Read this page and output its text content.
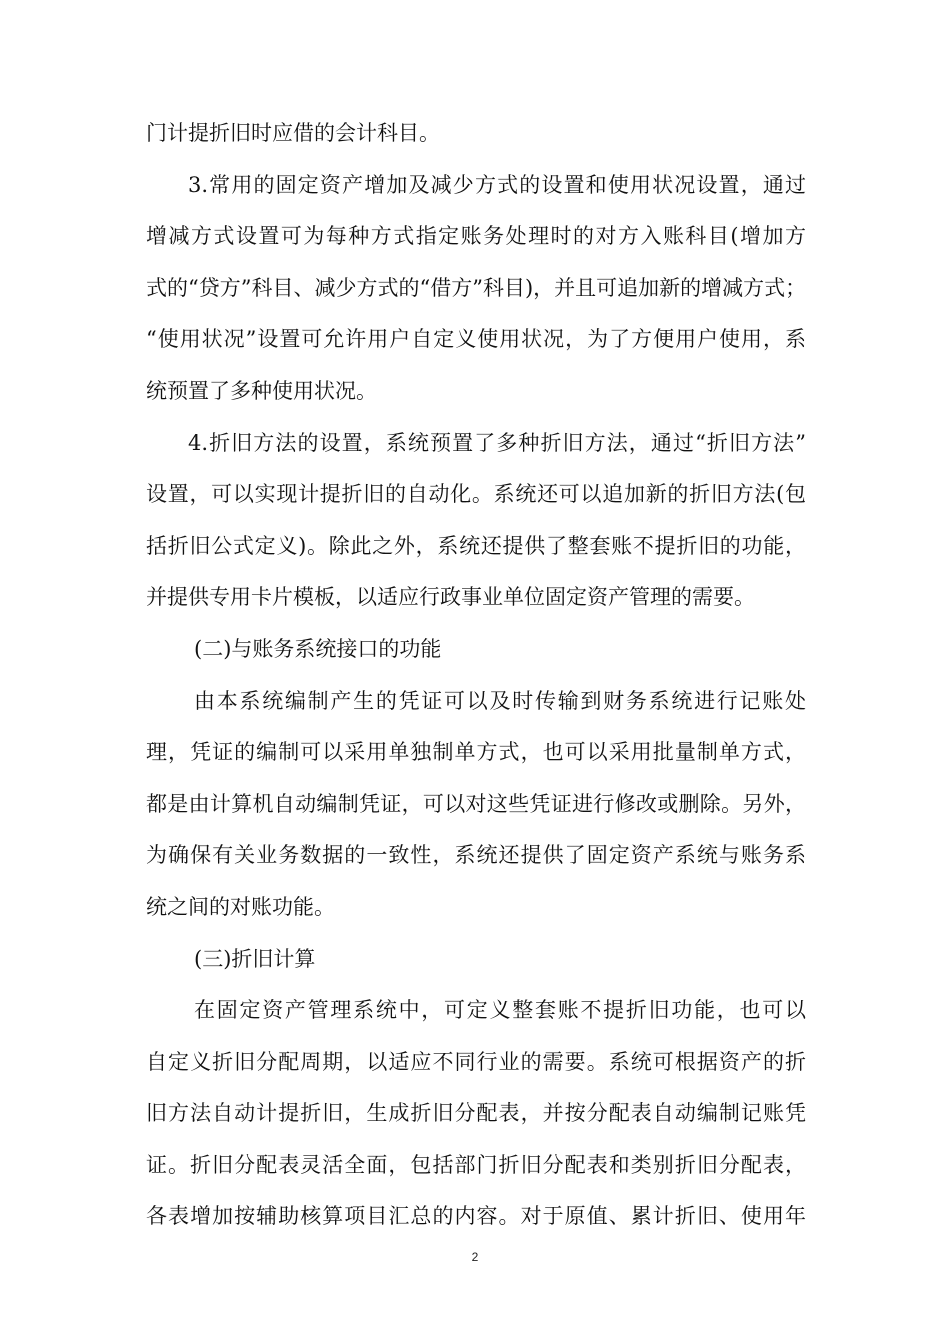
门计提折旧时应借的会计科目。
3.常用的固定资产增加及减少方式的设置和使用状况设置，通过
增减方式设置可为每种方式指定账务处理时的对方入账科目(增加方
式的“贷方”科目、减少方式的“借方”科目)，并且可追加新的增减方式；
“使用状况”设置可允许用户自定义使用状况，为了方便用户使用，系
统预置了多种使用状况。
4.折旧方法的设置，系统预置了多种折旧方法，通过“折旧方法”
设置，可以实现计提折旧的自动化。系统还可以追加新的折旧方法(包
括折旧公式定义)。除此之外，系统还提供了整套账不提折旧的功能，
并提供专用卡片模板，以适应行政事业单位固定资产管理的需要。
(二)与账务系统接口的功能
由本系统编制产生的凭证可以及时传输到财务系统进行记账处
理，凭证的编制可以采用单独制单方式，也可以采用批量制单方式，
都是由计算机自动编制凭证，可以对这些凭证进行修改或删除。另外，
为确保有关业务数据的一致性，系统还提供了固定资产系统与账务系
统之间的对账功能。
(三)折旧计算
在固定资产管理系统中，可定义整套账不提折旧功能，也可以
自定义折旧分配周期，以适应不同行业的需要。系统可根据资产的折
旧方法自动计提折旧，生成折旧分配表，并按分配表自动编制记账凭
证。折旧分配表灵活全面，包括部门折旧分配表和类别折旧分配表，
各表增加按辅助核算项目汇总的内容。对于原值、累计折旧、使用年
2
